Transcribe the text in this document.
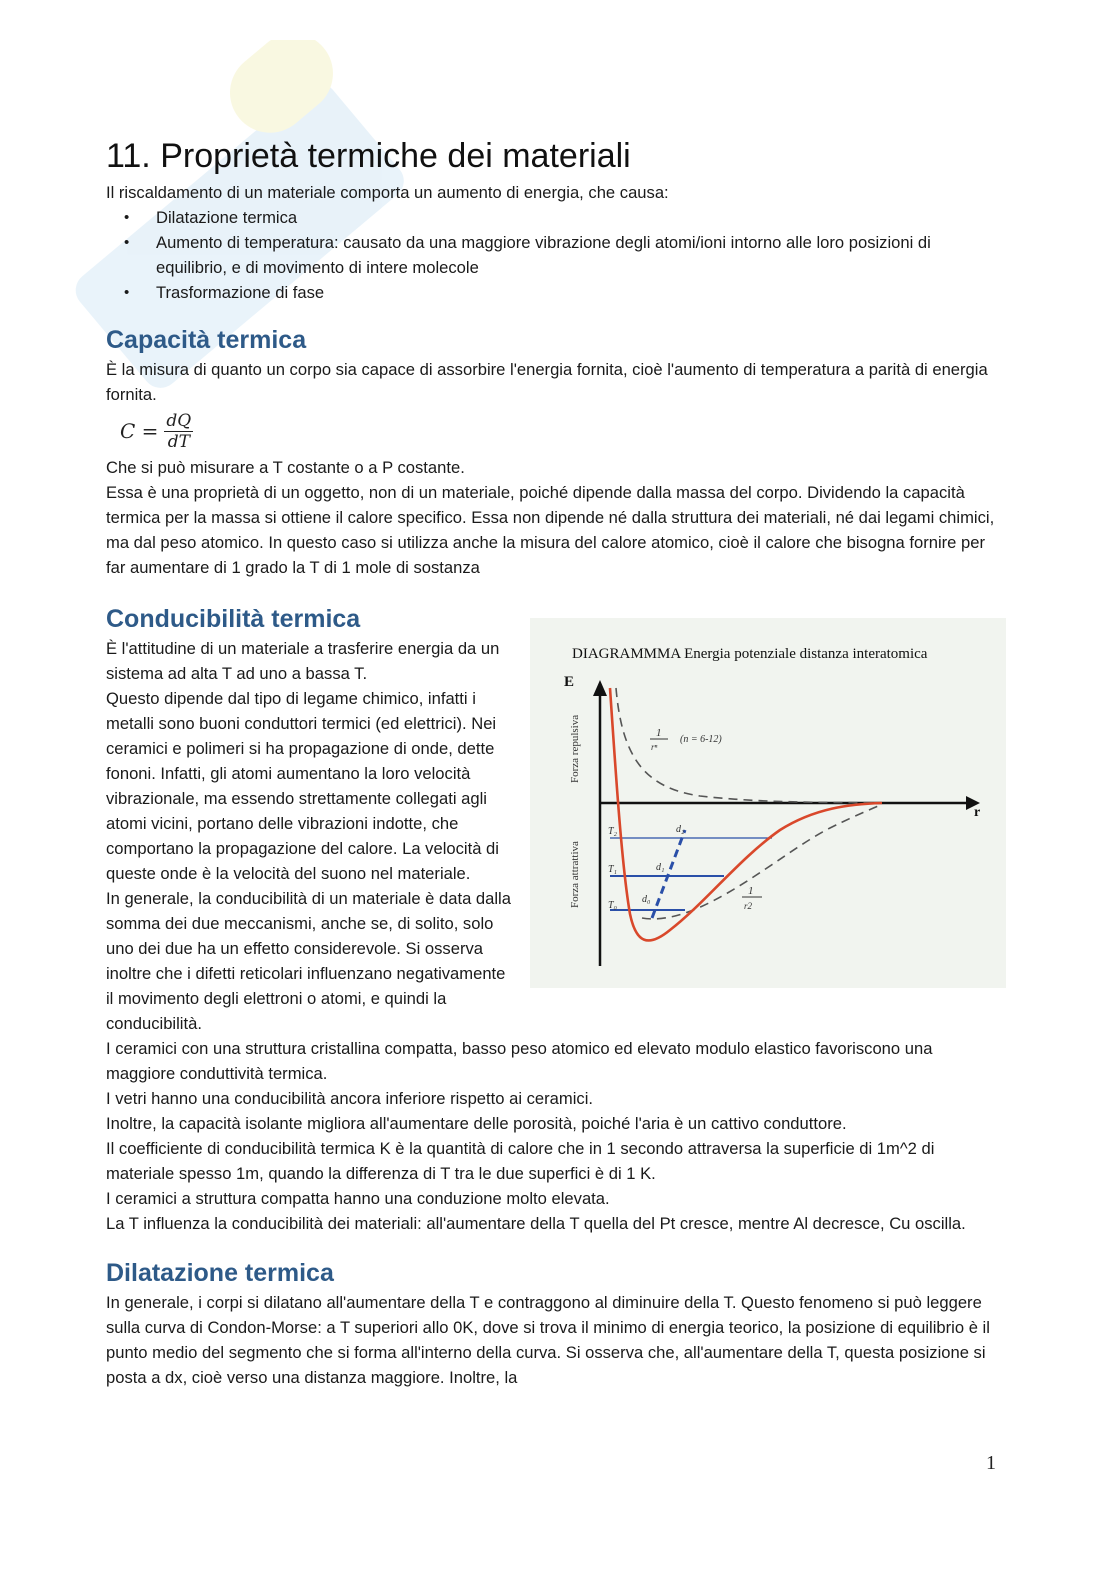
11. Proprietà termiche dei materiali

Il riscaldamento di un materiale comporta un aumento di energia, che causa:

• Dilatazione termica
• Aumento di temperatura: causato da una maggiore vibrazione degli atomi/ioni intorno alle loro posizioni di equilibrio, e di movimento di intere molecole
• Trasformazione di fase
Capacità termica

È la misura di quanto un corpo sia capace di assorbire l'energia fornita, cioè l'aumento di temperatura a parità di energia fornita.

$C = \frac{dQ}{dT}$

Che si può misurare a T costante o a P costante.

Essa è una proprietà di un oggetto, non di un materiale, poiché dipende dalla massa del corpo. Dividendo la capacità termica per la massa si ottiene il calore specifico. Essa non dipende né dalla struttura dei materiali, né dai legami chimici, ma dal peso atomico. In questo caso si utilizza anche la misura del calore atomico, cioè il calore che bisogna fornire per far aumentare di 1 grado la T di 1 mole di sostanza

Conducibilità termica
DIAGRAMMMA Energia potenziale distanza interatomica
E
r
Forza repulsiva
Forza attrattiva
1
rⁿ
(n = 6-12)
T₂
T₁
T₀
d₂
d₁
d₀
1
r2

È l'attitudine di un materiale a trasferire energia da un sistema ad alta T ad uno a bassa T.

Questo dipende dal tipo di legame chimico, infatti i metalli sono buoni conduttori termici (ed elettrici). Nei ceramici e polimeri si ha propagazione di onde, dette fononi. Infatti, gli atomi aumentano la loro velocità vibrazionale, ma essendo strettamente collegati agli atomi vicini, portano delle vibrazioni indotte, che comportano la propagazione del calore. La velocità di queste onde è la velocità del suono nel materiale.

In generale, la conducibilità di un materiale è data dalla somma dei due meccanismi, anche se, di solito, solo uno dei due ha un effetto considerevole. Si osserva inoltre che i difetti reticolari influenzano negativamente il movimento degli elettroni o atomi, e quindi la conducibilità.

I ceramici con una struttura cristallina compatta, basso peso atomico ed elevato modulo elastico favoriscono una maggiore conduttività termica.

I vetri hanno una conducibilità ancora inferiore rispetto ai ceramici.

Inoltre, la capacità isolante migliora all'aumentare delle porosità, poiché l'aria è un cattivo conduttore.

Il coefficiente di conducibilità termica K è la quantità di calore che in 1 secondo attraversa la superficie di 1m^2 di materiale spesso 1m, quando la differenza di T tra le due superfici è di 1 K.

I ceramici a struttura compatta hanno una conduzione molto elevata.

La T influenza la conducibilità dei materiali: all'aumentare della T quella del Pt cresce, mentre Al decresce, Cu oscilla.

Dilatazione termica

In generale, i corpi si dilatano all'aumentare della T e contraggono al diminuire della T. Questo fenomeno si può leggere sulla curva di Condon-Morse: a T superiori allo 0K, dove si trova il minimo di energia teorico, la posizione di equilibrio è il punto medio del segmento che si forma all'interno della curva. Si osserva che, all'aumentare della T, questa posizione si posta a dx, cioè verso una distanza maggiore. Inoltre, la

1
